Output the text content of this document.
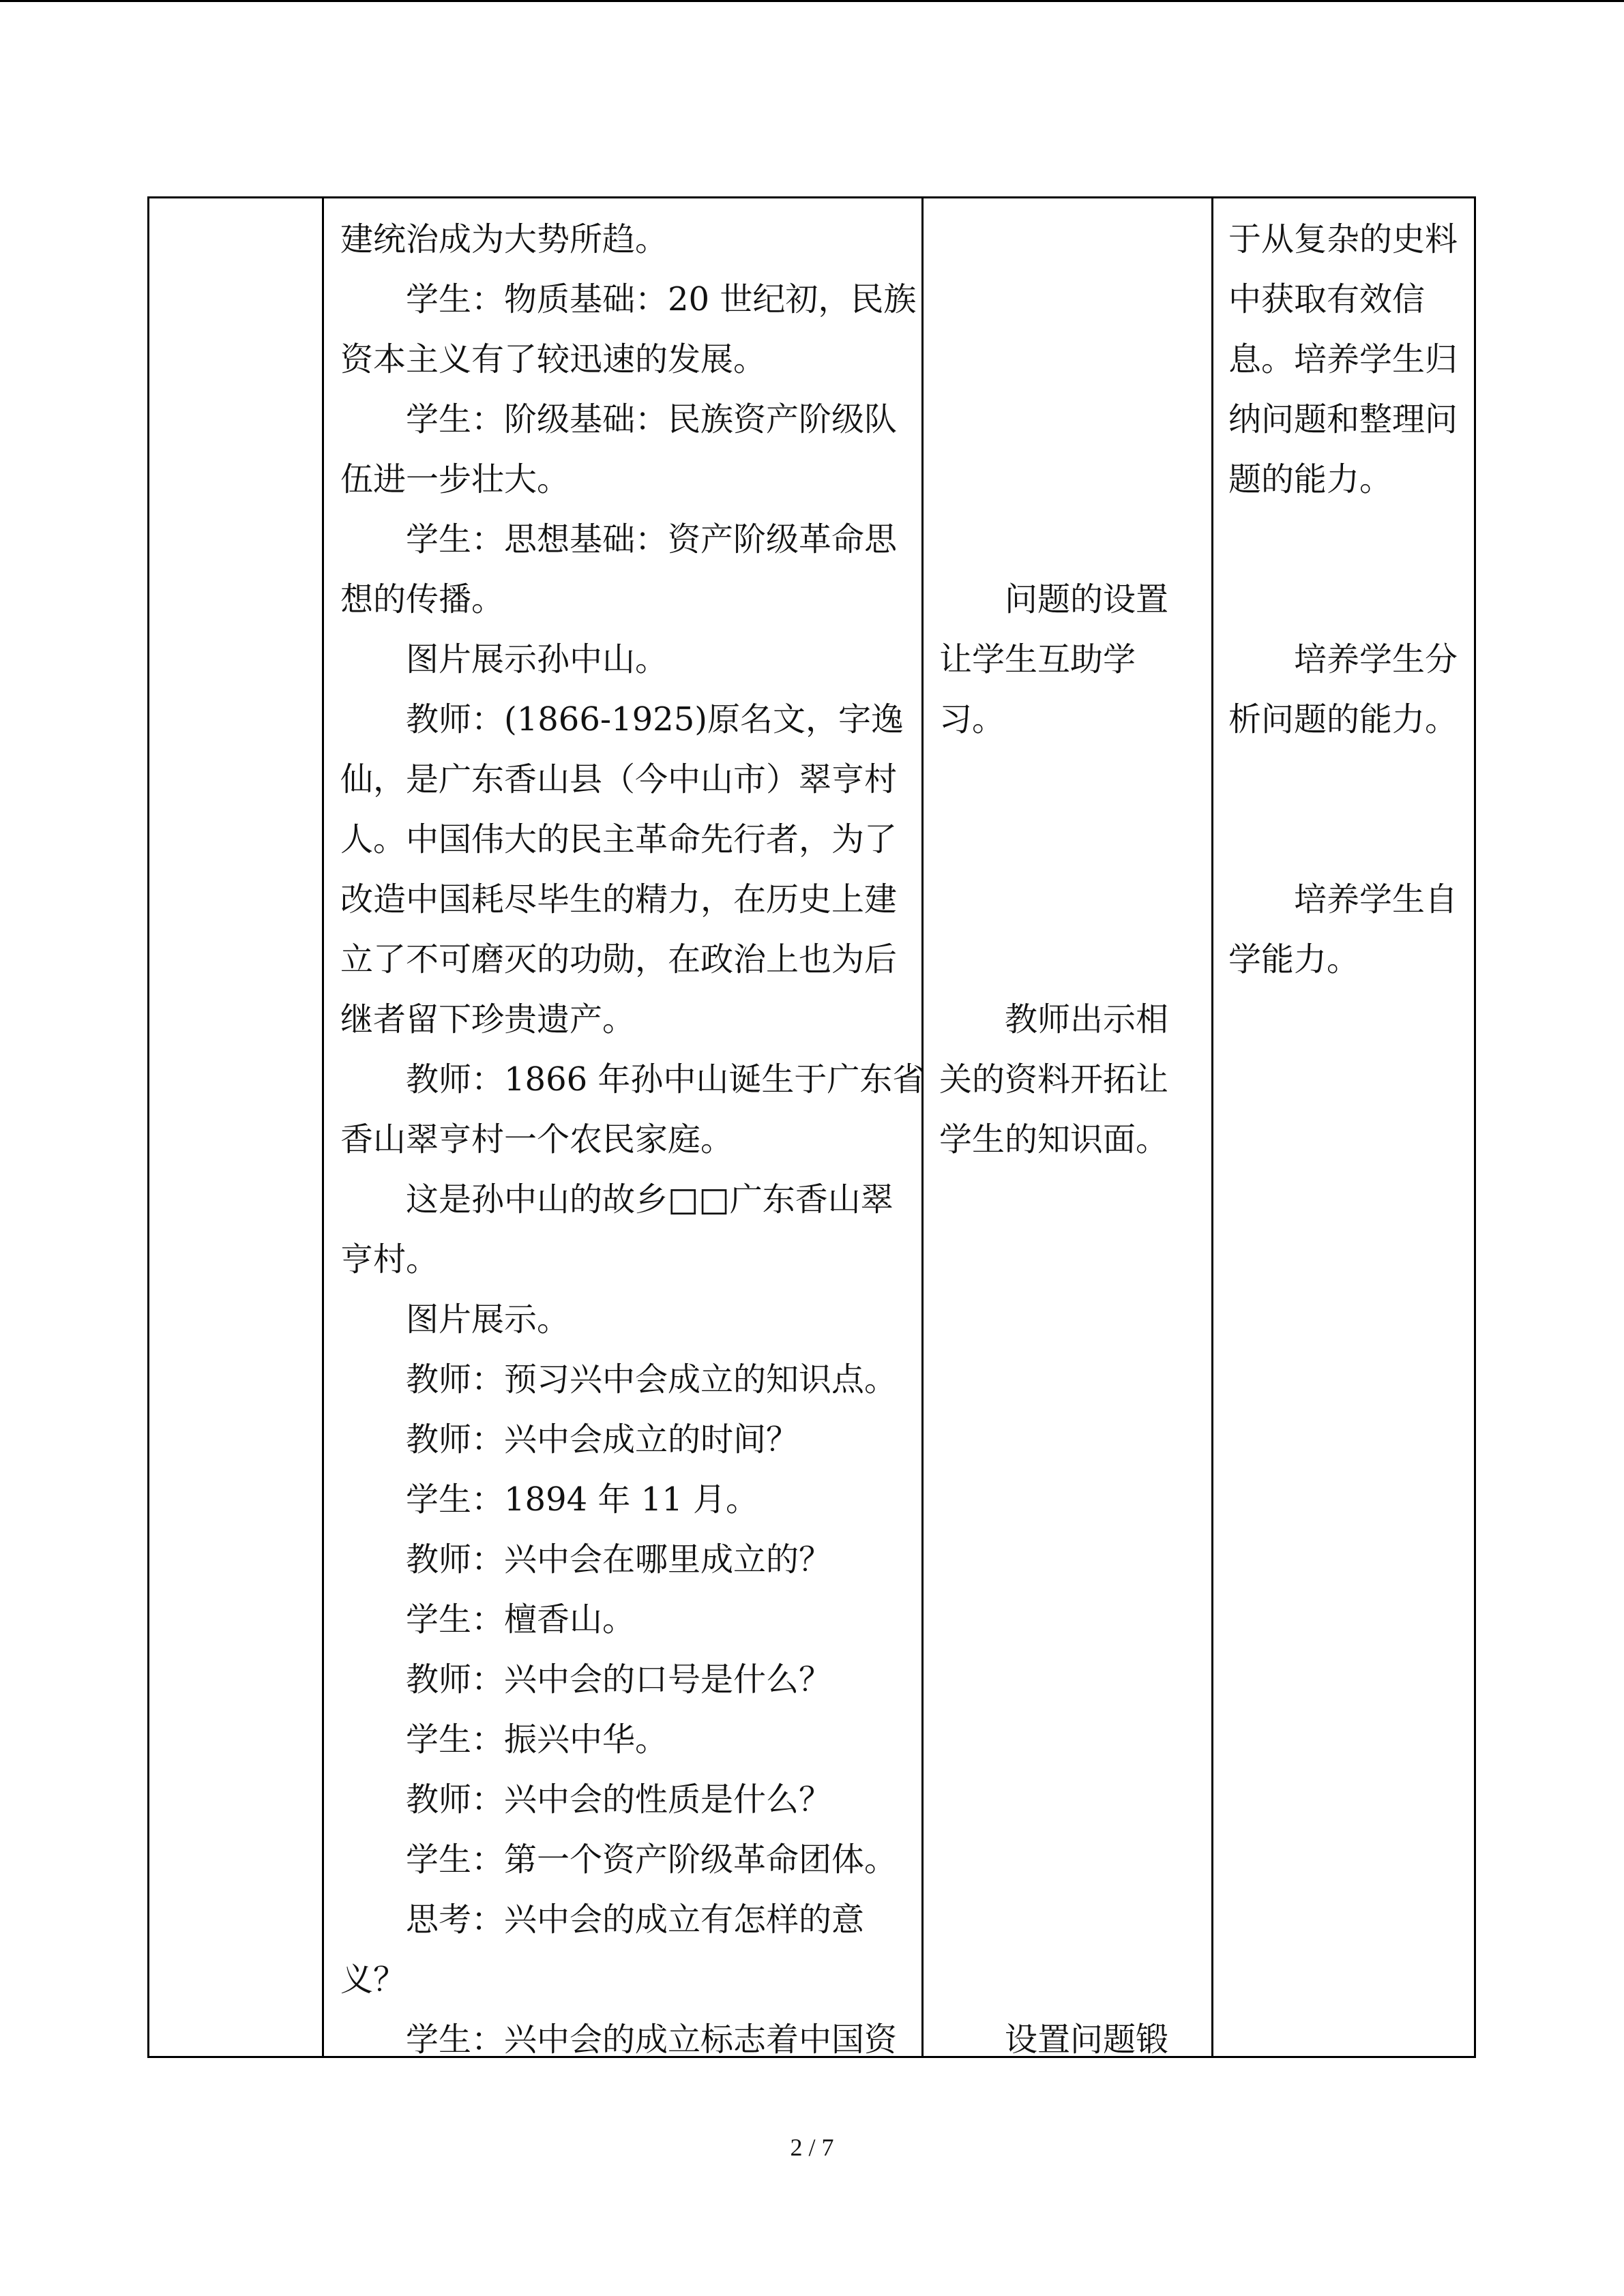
建统治成为大势所趋。
学生：物质基础：20 世纪初，民族
资本主义有了较迅速的发展。
学生：阶级基础：民族资产阶级队
伍进一步壮大。
学生：思想基础：资产阶级革命思
想的传播。
图片展示孙中山。
教师：(1866-1925)原名文，字逸
仙，是广东香山县（今中山市）翠亨村
人。中国伟大的民主革命先行者，为了
改造中国耗尽毕生的精力，在历史上建
立了不可磨灭的功勋，在政治上也为后
继者留下珍贵遗产。
教师：1866 年孙中山诞生于广东省
香山翠亨村一个农民家庭。
这是孙中山的故乡□□广东香山翠
亨村。
图片展示。
教师：预习兴中会成立的知识点。
教师：兴中会成立的时间？
学生：1894 年 11 月。
教师：兴中会在哪里成立的？
学生：檀香山。
教师：兴中会的口号是什么？
学生：振兴中华。
教师：兴中会的性质是什么？
学生：第一个资产阶级革命团体。
思考：兴中会的成立有怎样的意
义？
学生：兴中会的成立标志着中国资
问题的设置
让学生互助学
习。
教师出示相
关的资料开拓让
学生的知识面。
设置问题锻
于从复杂的史料
中获取有效信
息。培养学生归
纳问题和整理问
题的能力。
培养学生分
析问题的能力。
培养学生自
学能力。
2 / 7
